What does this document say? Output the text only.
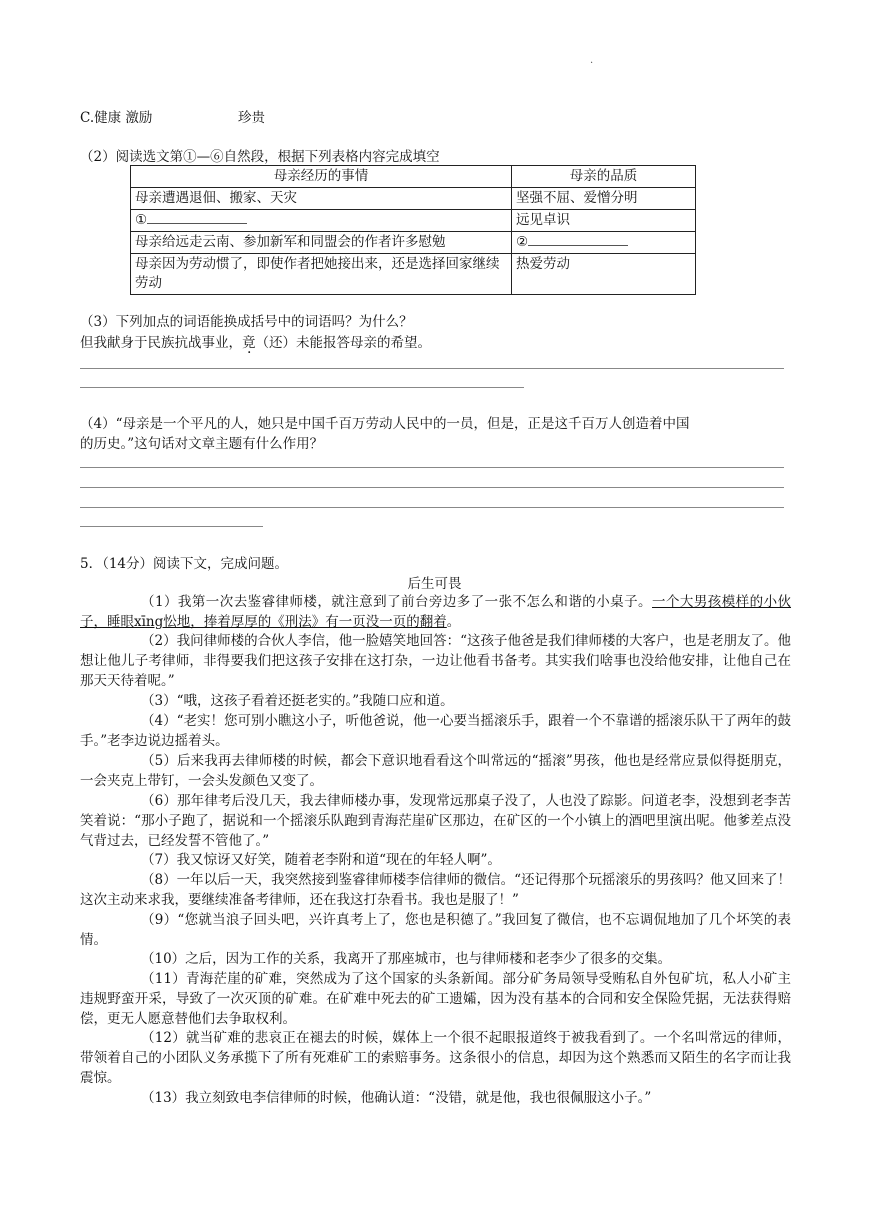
.
C.健康 激励	珍贵
（2）阅读选文第①—⑥自然段，根据下列表格内容完成填空
母亲经历的事情	母亲的品质
母亲遭遇退佃、搬家、天灾	坚强不屈、爱憎分明
①	远见卓识
母亲给远走云南、参加新军和同盟会的作者许多慰勉	②
母亲因为劳动惯了，即使作者把她接出来，还是选择回家继续劳动	热爱劳动
（3）下列加点的词语能换成括号中的词语吗？为什么？
但我献身于民族抗战事业，竟（还）未能报答母亲的希望。
（4）“母亲是一个平凡的人，她只是中国千百万劳动人民中的一员，但是，正是这千百万人创造着中国
的历史。”这句话对文章主题有什么作用？
5．（14分）阅读下文，完成问题。
后生可畏
（1）我第一次去鉴睿律师楼，就注意到了前台旁边多了一张不怎么和谐的小桌子。一个大男孩模样的小伙子，睡眼xīng忪地，捧着厚厚的《刑法》有一页没一页的翻着。
（2）我问律师楼的合伙人李信，他一脸嬉笑地回答：“这孩子他爸是我们律师楼的大客户，也是老朋友了。他想让他儿子考律师，非得要我们把这孩子安排在这打杂，一边让他看书备考。其实我们啥事也没给他安排，让他自己在那天天待着呢。”
（3）“哦，这孩子看着还挺老实的。”我随口应和道。
（4）“老实！您可别小瞧这小子，听他爸说，他一心要当摇滚乐手，跟着一个不靠谱的摇滚乐队干了两年的鼓手。”老李边说边摇着头。
（5）后来我再去律师楼的时候，都会下意识地看看这个叫常远的“摇滚”男孩，他也是经常应景似得挺朋克，一会夹克上带钉，一会头发颜色又变了。
（6）那年律考后没几天，我去律师楼办事，发现常远那桌子没了，人也没了踪影。问道老李，没想到老李苦笑着说：“那小子跑了，据说和一个摇滚乐队跑到青海茫崖矿区那边，在矿区的一个小镇上的酒吧里演出呢。他爹差点没气背过去，已经发誓不管他了。”
（7）我又惊讶又好笑，随着老李附和道“现在的年轻人啊”。
（8）一年以后一天，我突然接到鉴睿律师楼李信律师的微信。“还记得那个玩摇滚乐的男孩吗？他又回来了！这次主动来求我，要继续准备考律师，还在我这打杂看书。我也是服了！”
（9）“您就当浪子回头吧，兴许真考上了，您也是积德了。”我回复了微信，也不忘调侃地加了几个坏笑的表情。
（10）之后，因为工作的关系，我离开了那座城市，也与律师楼和老李少了很多的交集。
（11）青海茫崖的矿难，突然成为了这个国家的头条新闻。部分矿务局领导受贿私自外包矿坑，私人小矿主违规野蛮开采，导致了一次灭顶的矿难。在矿难中死去的矿工遗孀，因为没有基本的合同和安全保险凭据，无法获得赔偿，更无人愿意替他们去争取权利。
（12）就当矿难的悲哀正在褪去的时候，媒体上一个很不起眼报道终于被我看到了。一个名叫常远的律师，带领着自己的小团队义务承揽下了所有死难矿工的索赔事务。这条很小的信息，却因为这个熟悉而又陌生的名字而让我震惊。
（13）我立刻致电李信律师的时候，他确认道：“没错，就是他，我也很佩服这小子。”
